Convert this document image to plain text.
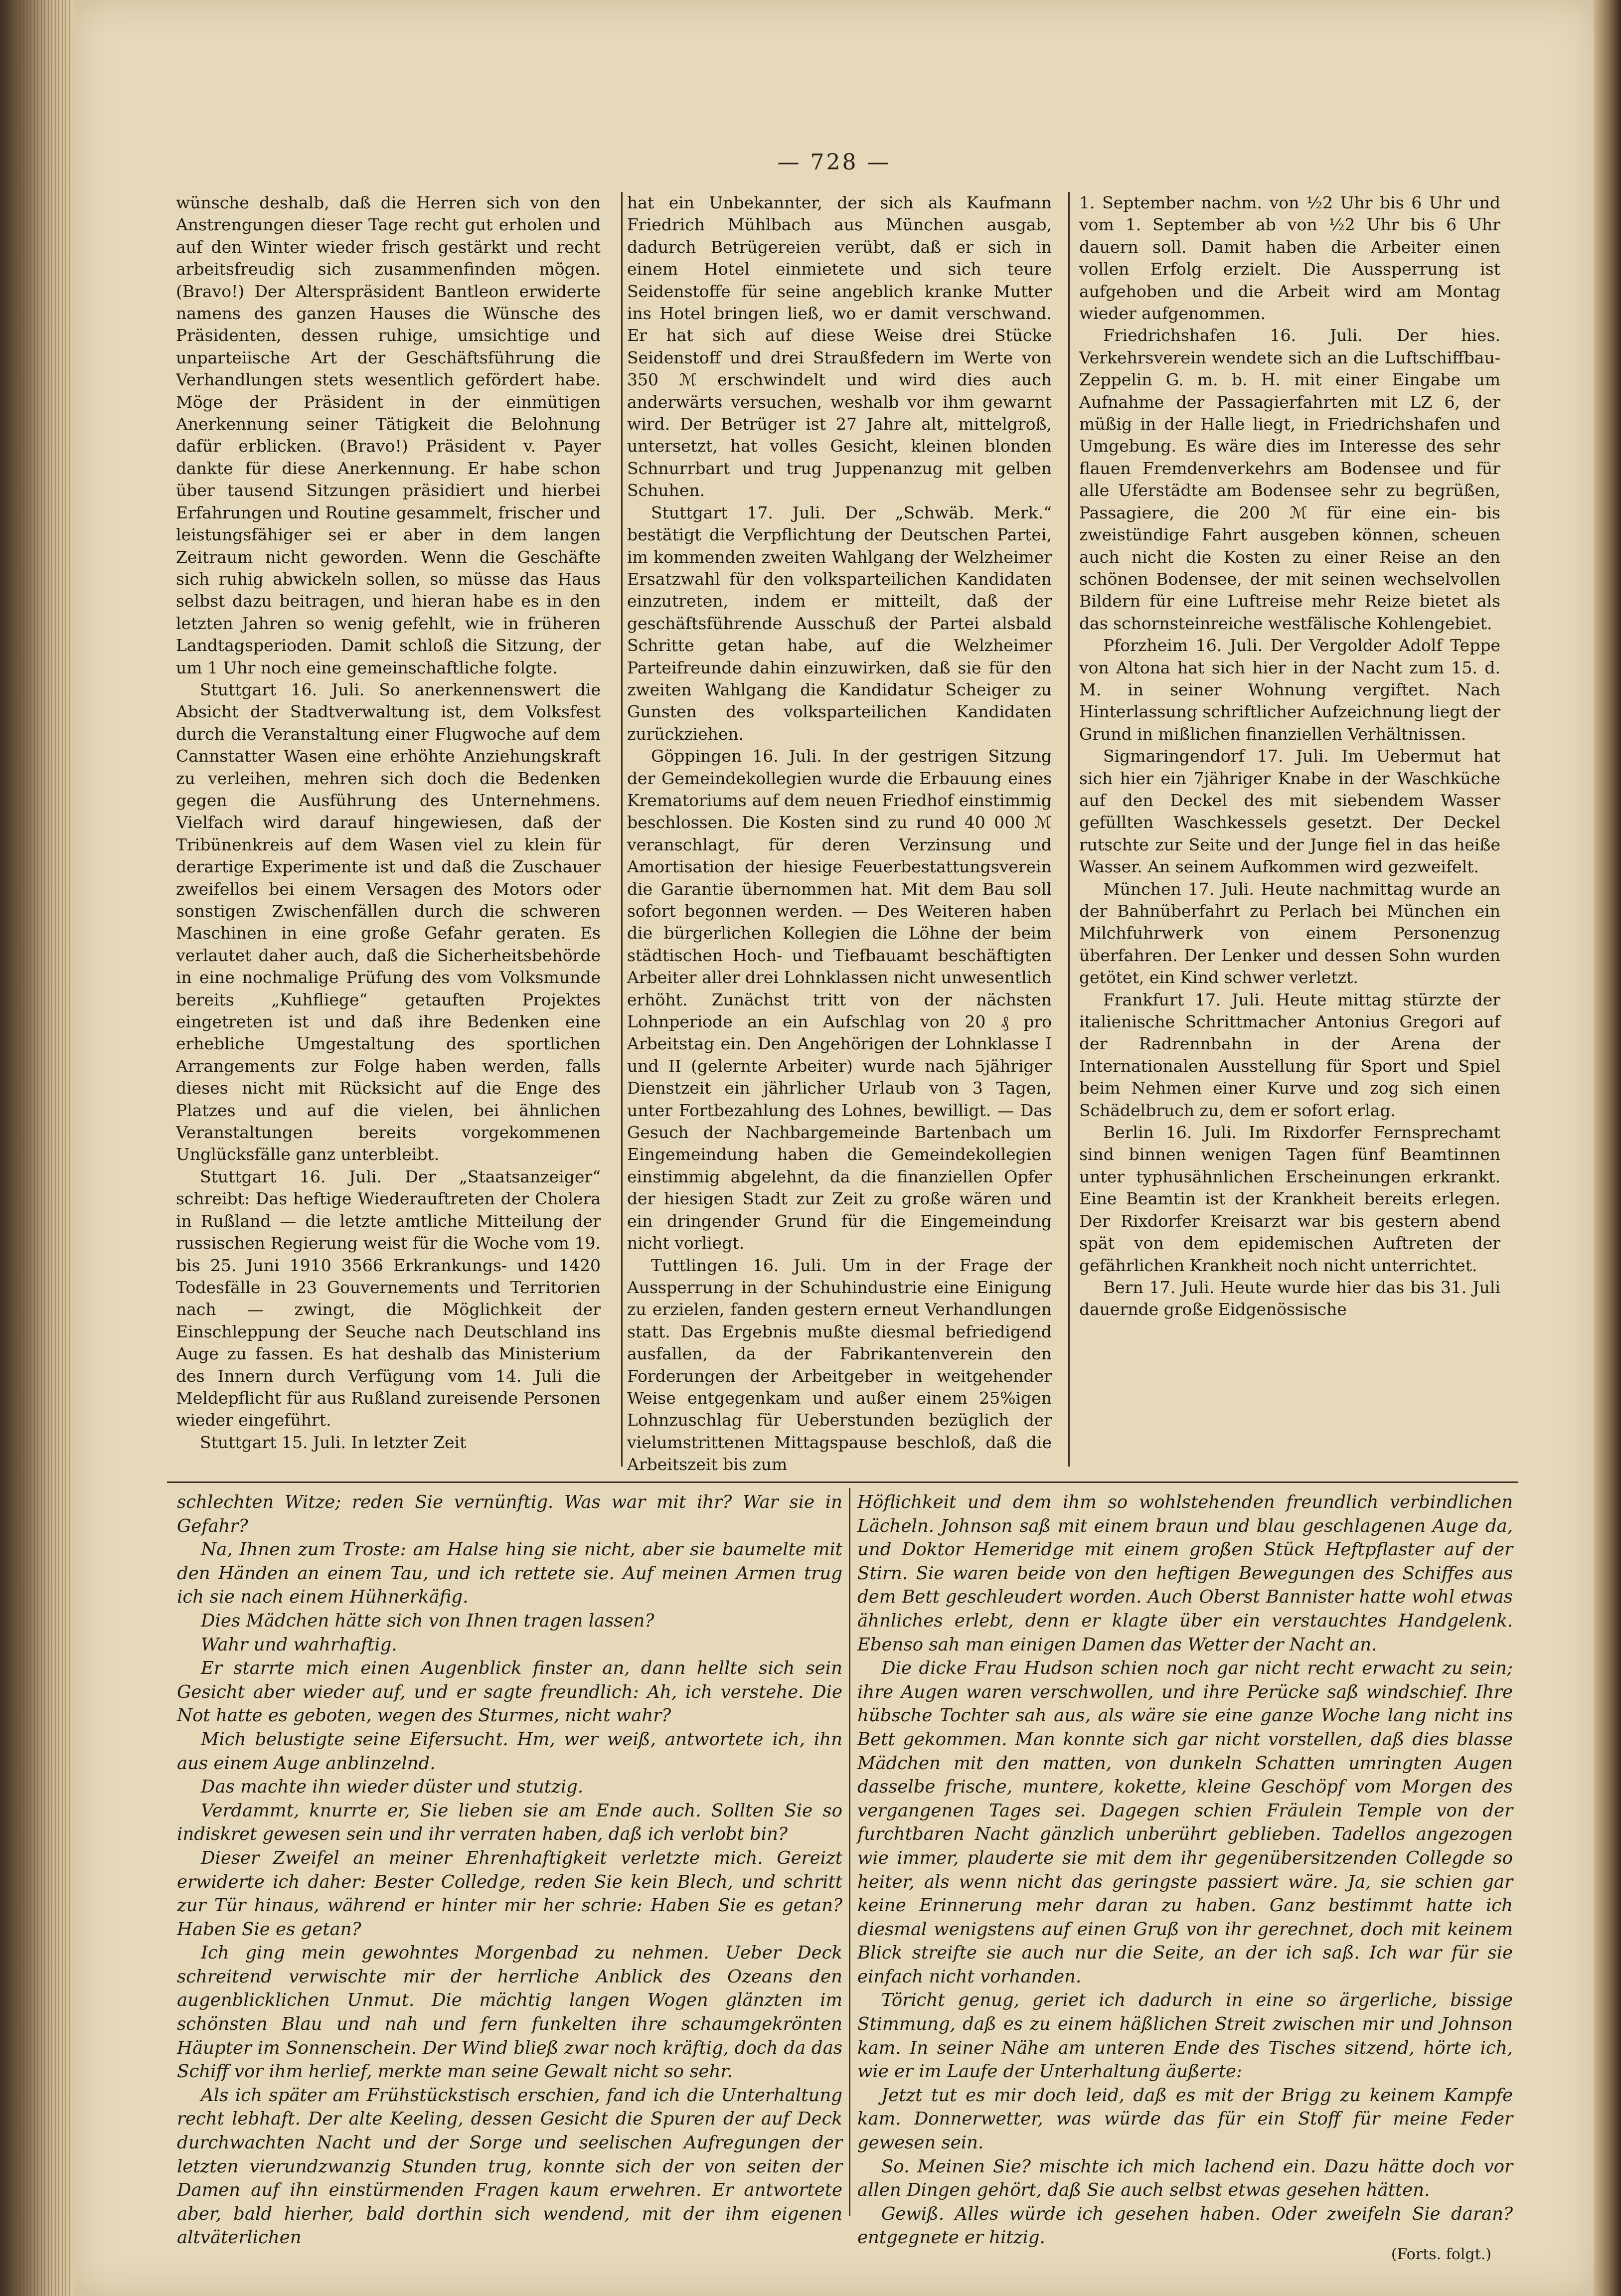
— 728 —

wünsche deshalb, daß die Herren sich von den Anstrengungen dieser Tage recht gut erholen und auf den Winter wieder frisch gestärkt und recht arbeitsfreudig sich zusammenfinden mögen. (Bravo!) Der Alterspräsident Bantleon erwiderte namens des ganzen Hauses die Wünsche des Präsidenten, dessen ruhige, umsichtige und unparteiische Art der Geschäftsführung die Verhandlungen stets wesentlich gefördert habe. Möge der Präsident in der einmütigen Anerkennung seiner Tätigkeit die Belohnung dafür erblicken. (Bravo!) Präsident v. Payer dankte für diese Anerkennung. Er habe schon über tausend Sitzungen präsidiert und hierbei Erfahrungen und Routine gesammelt, frischer und leistungsfähiger sei er aber in dem langen Zeitraum nicht geworden. Wenn die Geschäfte sich ruhig abwickeln sollen, so müsse das Haus selbst dazu beitragen, und hieran habe es in den letzten Jahren so wenig gefehlt, wie in früheren Landtagsperioden. Damit schloß die Sitzung, der um 1 Uhr noch eine gemeinschaftliche folgte.

Stuttgart 16. Juli. So anerkennenswert die Absicht der Stadtverwaltung ist, dem Volksfest durch die Veranstaltung einer Flugwoche auf dem Cannstatter Wasen eine erhöhte Anziehungskraft zu verleihen, mehren sich doch die Bedenken gegen die Ausführung des Unternehmens. Vielfach wird darauf hingewiesen, daß der Tribünenkreis auf dem Wasen viel zu klein für derartige Experimente ist und daß die Zuschauer zweifellos bei einem Versagen des Motors oder sonstigen Zwischenfällen durch die schweren Maschinen in eine große Gefahr geraten. Es verlautet daher auch, daß die Sicherheitsbehörde in eine nochmalige Prüfung des vom Volksmunde bereits „Kuhfliege“ getauften Projektes eingetreten ist und daß ihre Bedenken eine erhebliche Umgestaltung des sportlichen Arrangements zur Folge haben werden, falls dieses nicht mit Rücksicht auf die Enge des Platzes und auf die vielen, bei ähnlichen Veranstaltungen bereits vorgekommenen Unglücksfälle ganz unterbleibt.

Stuttgart 16. Juli. Der „Staatsanzeiger“ schreibt: Das heftige Wiederauftreten der Cholera in Rußland — die letzte amtliche Mitteilung der russischen Regierung weist für die Woche vom 19. bis 25. Juni 1910 3566 Erkrankungs- und 1420 Todesfälle in 23 Gouvernements und Territorien nach — zwingt, die Möglichkeit der Einschleppung der Seuche nach Deutschland ins Auge zu fassen. Es hat deshalb das Ministerium des Innern durch Verfügung vom 14. Juli die Meldepflicht für aus Rußland zureisende Personen wieder eingeführt.

Stuttgart 15. Juli. In letzter Zeit

hat ein Unbekannter, der sich als Kaufmann Friedrich Mühlbach aus München ausgab, dadurch Betrügereien verübt, daß er sich in einem Hotel einmietete und sich teure Seidenstoffe für seine angeblich kranke Mutter ins Hotel bringen ließ, wo er damit verschwand. Er hat sich auf diese Weise drei Stücke Seidenstoff und drei Straußfedern im Werte von 350 ℳ erschwindelt und wird dies auch anderwärts versuchen, weshalb vor ihm gewarnt wird. Der Betrüger ist 27 Jahre alt, mittelgroß, untersetzt, hat volles Gesicht, kleinen blonden Schnurrbart und trug Juppenanzug mit gelben Schuhen.

Stuttgart 17. Juli. Der „Schwäb. Merk.“ bestätigt die Verpflichtung der Deutschen Partei, im kommenden zweiten Wahlgang der Welzheimer Ersatzwahl für den volksparteilichen Kandidaten einzutreten, indem er mitteilt, daß der geschäftsführende Ausschuß der Partei alsbald Schritte getan habe, auf die Welzheimer Parteifreunde dahin einzuwirken, daß sie für den zweiten Wahlgang die Kandidatur Scheiger zu Gunsten des volksparteilichen Kandidaten zurückziehen.

Göppingen 16. Juli. In der gestrigen Sitzung der Gemeindekollegien wurde die Erbauung eines Krematoriums auf dem neuen Friedhof einstimmig beschlossen. Die Kosten sind zu rund 40 000 ℳ veranschlagt, für deren Verzinsung und Amortisation der hiesige Feuerbestattungsverein die Garantie übernommen hat. Mit dem Bau soll sofort begonnen werden. — Des Weiteren haben die bürgerlichen Kollegien die Löhne der beim städtischen Hoch- und Tiefbauamt beschäftigten Arbeiter aller drei Lohnklassen nicht unwesentlich erhöht. Zunächst tritt von der nächsten Lohnperiode an ein Aufschlag von 20 ₰ pro Arbeitstag ein. Den Angehörigen der Lohnklasse I und II (gelernte Arbeiter) wurde nach 5jähriger Dienstzeit ein jährlicher Urlaub von 3 Tagen, unter Fortbezahlung des Lohnes, bewilligt. — Das Gesuch der Nachbargemeinde Bartenbach um Eingemeindung haben die Gemeindekollegien einstimmig abgelehnt, da die finanziellen Opfer der hiesigen Stadt zur Zeit zu große wären und ein dringender Grund für die Eingemeindung nicht vorliegt.

Tuttlingen 16. Juli. Um in der Frage der Aussperrung in der Schuhindustrie eine Einigung zu erzielen, fanden gestern erneut Verhandlungen statt. Das Ergebnis mußte diesmal befriedigend ausfallen, da der Fabrikantenverein den Forderungen der Arbeitgeber in weitgehender Weise entgegenkam und außer einem 25%igen Lohnzuschlag für Ueberstunden bezüglich der vielumstrittenen Mittagspause beschloß, daß die Arbeitszeit bis zum

1. September nachm. von ½2 Uhr bis 6 Uhr und vom 1. September ab von ½2 Uhr bis 6 Uhr dauern soll. Damit haben die Arbeiter einen vollen Erfolg erzielt. Die Aussperrung ist aufgehoben und die Arbeit wird am Montag wieder aufgenommen.

Friedrichshafen 16. Juli. Der hies. Verkehrsverein wendete sich an die Luftschiffbau-Zeppelin G. m. b. H. mit einer Eingabe um Aufnahme der Passagierfahrten mit LZ 6, der müßig in der Halle liegt, in Friedrichshafen und Umgebung. Es wäre dies im Interesse des sehr flauen Fremdenverkehrs am Bodensee und für alle Uferstädte am Bodensee sehr zu begrüßen, Passagiere, die 200 ℳ für eine ein- bis zweistündige Fahrt ausgeben können, scheuen auch nicht die Kosten zu einer Reise an den schönen Bodensee, der mit seinen wechselvollen Bildern für eine Luftreise mehr Reize bietet als das schornsteinreiche westfälische Kohlengebiet.

Pforzheim 16. Juli. Der Vergolder Adolf Teppe von Altona hat sich hier in der Nacht zum 15. d. M. in seiner Wohnung vergiftet. Nach Hinterlassung schriftlicher Aufzeichnung liegt der Grund in mißlichen finanziellen Verhältnissen.

Sigmaringendorf 17. Juli. Im Uebermut hat sich hier ein 7jähriger Knabe in der Waschküche auf den Deckel des mit siebendem Wasser gefüllten Waschkessels gesetzt. Der Deckel rutschte zur Seite und der Junge fiel in das heiße Wasser. An seinem Aufkommen wird gezweifelt.

München 17. Juli. Heute nachmittag wurde an der Bahnüberfahrt zu Perlach bei München ein Milchfuhrwerk von einem Personenzug überfahren. Der Lenker und dessen Sohn wurden getötet, ein Kind schwer verletzt.

Frankfurt 17. Juli. Heute mittag stürzte der italienische Schrittmacher Antonius Gregori auf der Radrennbahn in der Arena der Internationalen Ausstellung für Sport und Spiel beim Nehmen einer Kurve und zog sich einen Schädelbruch zu, dem er sofort erlag.

Berlin 16. Juli. Im Rixdorfer Fernsprechamt sind binnen wenigen Tagen fünf Beamtinnen unter typhusähnlichen Erscheinungen erkrankt. Eine Beamtin ist der Krankheit bereits erlegen. Der Rixdorfer Kreisarzt war bis gestern abend spät von dem epidemischen Auftreten der gefährlichen Krankheit noch nicht unterrichtet.

Bern 17. Juli. Heute wurde hier das bis 31. Juli dauernde große Eidgenössische

schlechten Witze; reden Sie vernünftig. Was war mit ihr? War sie in Gefahr?

Na, Ihnen zum Troste: am Halse hing sie nicht, aber sie baumelte mit den Händen an einem Tau, und ich rettete sie. Auf meinen Armen trug ich sie nach einem Hühnerkäfig.

Dies Mädchen hätte sich von Ihnen tragen lassen?

Wahr und wahrhaftig.

Er starrte mich einen Augenblick finster an, dann hellte sich sein Gesicht aber wieder auf, und er sagte freundlich: Ah, ich verstehe. Die Not hatte es geboten, wegen des Sturmes, nicht wahr?

Mich belustigte seine Eifersucht. Hm, wer weiß, antwortete ich, ihn aus einem Auge anblinzelnd.

Das machte ihn wieder düster und stutzig.

Verdammt, knurrte er, Sie lieben sie am Ende auch. Sollten Sie so indiskret gewesen sein und ihr verraten haben, daß ich verlobt bin?

Dieser Zweifel an meiner Ehrenhaftigkeit verletzte mich. Gereizt erwiderte ich daher: Bester Colledge, reden Sie kein Blech, und schritt zur Tür hinaus, während er hinter mir her schrie: Haben Sie es getan? Haben Sie es getan?

Ich ging mein gewohntes Morgenbad zu nehmen. Ueber Deck schreitend verwischte mir der herrliche Anblick des Ozeans den augenblicklichen Unmut. Die mächtig langen Wogen glänzten im schönsten Blau und nah und fern funkelten ihre schaumgekrönten Häupter im Sonnenschein. Der Wind bließ zwar noch kräftig, doch da das Schiff vor ihm herlief, merkte man seine Gewalt nicht so sehr.

Als ich später am Frühstückstisch erschien, fand ich die Unterhaltung recht lebhaft. Der alte Keeling, dessen Gesicht die Spuren der auf Deck durchwachten Nacht und der Sorge und seelischen Aufregungen der letzten vierundzwanzig Stunden trug, konnte sich der von seiten der Damen auf ihn einstürmenden Fragen kaum erwehren. Er antwortete aber, bald hierher, bald dorthin sich wendend, mit der ihm eigenen altväterlichen

Höflichkeit und dem ihm so wohlstehenden freundlich verbindlichen Lächeln. Johnson saß mit einem braun und blau geschlagenen Auge da, und Doktor Hemeridge mit einem großen Stück Heftpflaster auf der Stirn. Sie waren beide von den heftigen Bewegungen des Schiffes aus dem Bett geschleudert worden. Auch Oberst Bannister hatte wohl etwas ähnliches erlebt, denn er klagte über ein verstauchtes Handgelenk. Ebenso sah man einigen Damen das Wetter der Nacht an.

Die dicke Frau Hudson schien noch gar nicht recht erwacht zu sein; ihre Augen waren verschwollen, und ihre Perücke saß windschief. Ihre hübsche Tochter sah aus, als wäre sie eine ganze Woche lang nicht ins Bett gekommen. Man konnte sich gar nicht vorstellen, daß dies blasse Mädchen mit den matten, von dunkeln Schatten umringten Augen dasselbe frische, muntere, kokette, kleine Geschöpf vom Morgen des vergangenen Tages sei. Dagegen schien Fräulein Temple von der furchtbaren Nacht gänzlich unberührt geblieben. Tadellos angezogen wie immer, plauderte sie mit dem ihr gegenübersitzenden Collegde so heiter, als wenn nicht das geringste passiert wäre. Ja, sie schien gar keine Erinnerung mehr daran zu haben. Ganz bestimmt hatte ich diesmal wenigstens auf einen Gruß von ihr gerechnet, doch mit keinem Blick streifte sie auch nur die Seite, an der ich saß. Ich war für sie einfach nicht vorhanden.

Töricht genug, geriet ich dadurch in eine so ärgerliche, bissige Stimmung, daß es zu einem häßlichen Streit zwischen mir und Johnson kam. In seiner Nähe am unteren Ende des Tisches sitzend, hörte ich, wie er im Laufe der Unterhaltung äußerte:

Jetzt tut es mir doch leid, daß es mit der Brigg zu keinem Kampfe kam. Donnerwetter, was würde das für ein Stoff für meine Feder gewesen sein.

So. Meinen Sie? mischte ich mich lachend ein. Dazu hätte doch vor allen Dingen gehört, daß Sie auch selbst etwas gesehen hätten.

Gewiß. Alles würde ich gesehen haben. Oder zweifeln Sie daran? entgegnete er hitzig.

(Forts. folgt.)
